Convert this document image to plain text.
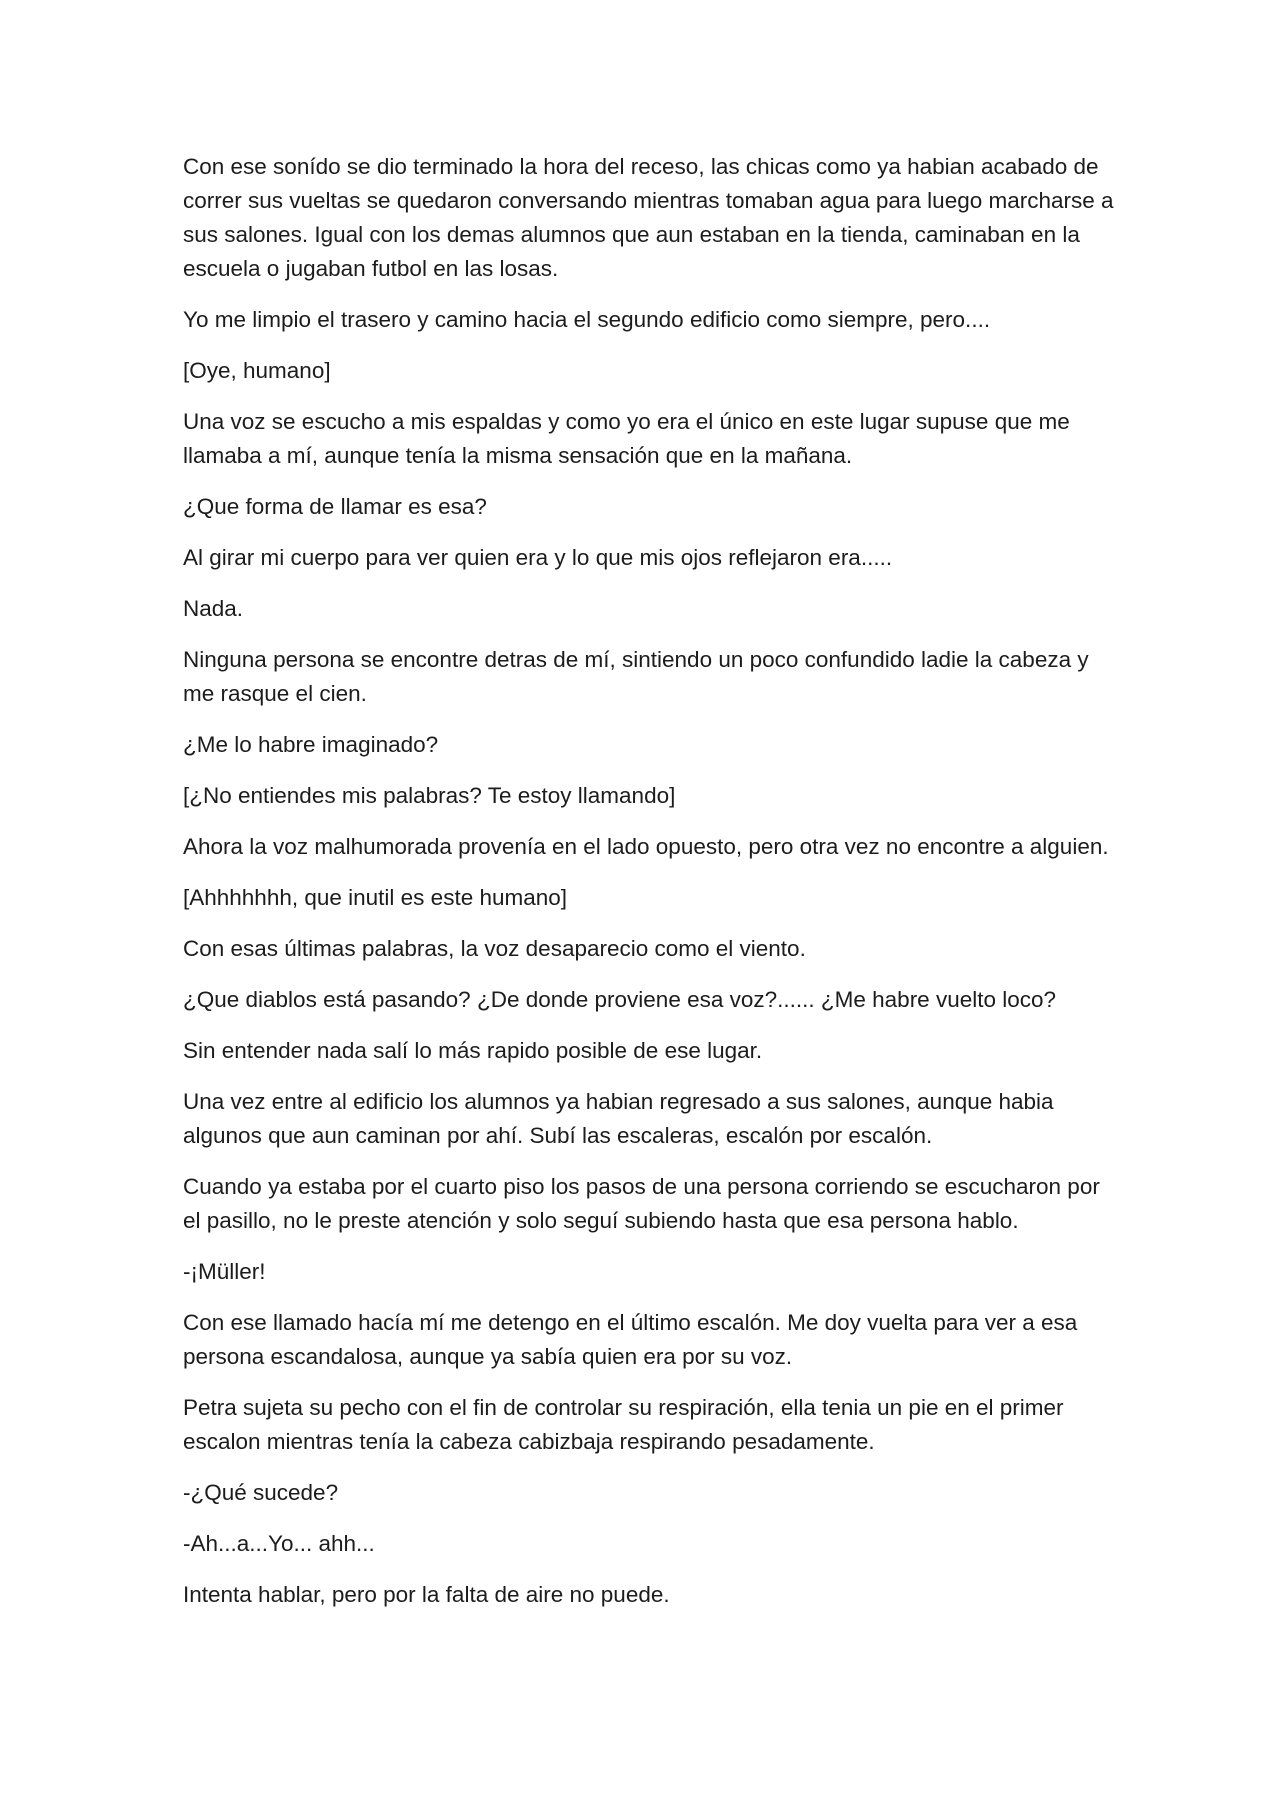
Con ese sonído se dio terminado la hora del receso, las chicas como ya habian acabado de correr sus vueltas se quedaron conversando mientras tomaban agua para luego marcharse a sus salones. Igual con los demas alumnos que aun estaban en la tienda, caminaban en la escuela o jugaban futbol en las losas.

Yo me limpio el trasero y camino hacia el segundo edificio como siempre, pero....

[Oye, humano]

Una voz se escucho a mis espaldas y como yo era el único en este lugar supuse que me llamaba a mí, aunque tenía la misma sensación que en la mañana.

¿Que forma de llamar es esa?

Al girar mi cuerpo para ver quien era y lo que mis ojos reflejaron era.....

Nada.

Ninguna persona se encontre detras de mí, sintiendo un poco confundido ladie la cabeza y me rasque el cien.

¿Me lo habre imaginado?

[¿No entiendes mis palabras? Te estoy llamando]

Ahora la voz malhumorada provenía en el lado opuesto, pero otra vez no encontre a alguien.

[Ahhhhhhh, que inutil es este humano]

Con esas últimas palabras, la voz desaparecio como el viento.

¿Que diablos está pasando? ¿De donde proviene esa voz?...... ¿Me habre vuelto loco?

Sin entender nada salí lo más rapido posible de ese lugar.

Una vez entre al edificio los alumnos ya habian regresado a sus salones, aunque habia algunos que aun caminan por ahí. Subí las escaleras, escalón por escalón.

Cuando ya estaba por el cuarto piso los pasos de una persona corriendo se escucharon por el pasillo, no le preste atención y solo seguí subiendo hasta que esa persona hablo.

-¡Müller!

Con ese llamado hacía mí me detengo en el último escalón. Me doy vuelta para ver a esa persona escandalosa, aunque ya sabía quien era por su voz.

Petra sujeta su pecho con el fin de controlar su respiración, ella tenia un pie en el primer escalon mientras tenía la cabeza cabizbaja respirando pesadamente.

-¿Qué sucede?

-Ah...a...Yo... ahh...

Intenta hablar, pero por la falta de aire no puede.
